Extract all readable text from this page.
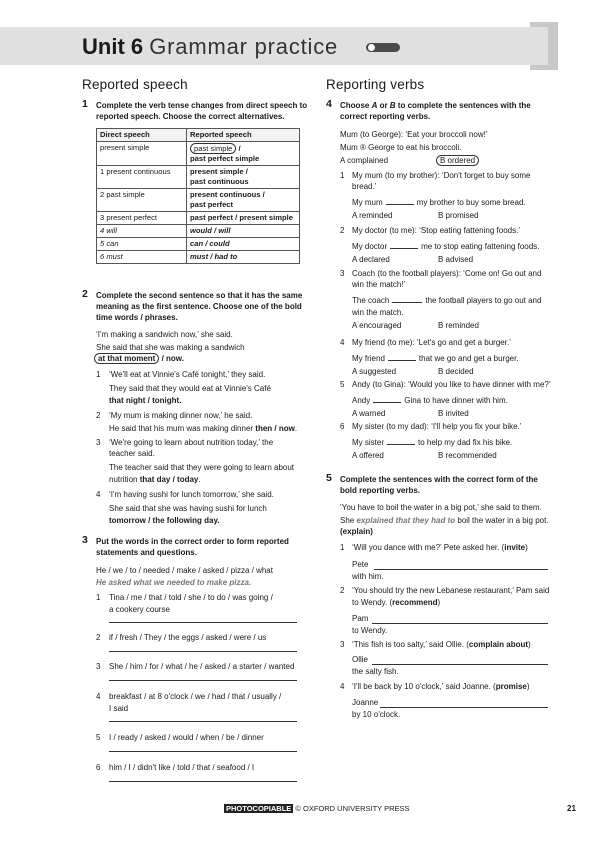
Unit 6 Grammar practice
Reported speech
1 Complete the verb tense changes from direct speech to
reported speech. Choose the correct alternatives.
Direct speech	Reported speech
present simple	past simple /
past perfect simple
1 present continuous	present simple /
past continuous
2 past simple	present continuous /
past perfect
3 present perfect	past perfect / present simple
4 will	would / will
5 can	can / could
6 must	must / had to
2 Complete the second sentence so that it has the same
meaning as the first sentence. Choose one of the bold
time words / phrases.
‘I'm making a sandwich now,’ she said.
She said that she was making a sandwich
at that moment / now.
1 ‘We'll eat at Vinnie's Café tonight,’ they said.
They said that they would eat at Vinnie's Café
that night / tonight.
2 ‘My mum is making dinner now,’ he said.
He said that his mum was making dinner then / now.
3 ‘We're going to learn about nutrition today,’ the
teacher said.
The teacher said that they were going to learn about
nutrition that day / today.
4 ‘I'm having sushi for lunch tomorrow,’ she said.
She said that she was having sushi for lunch
tomorrow / the following day.
3 Put the words in the correct order to form reported
statements and questions.
He / we / to / needed / make / asked / pizza / what
He asked what we needed to make pizza.
1 Tina / me / that / told / she / to do / was going /
a cookery course
2 if / fresh / They / the eggs / asked / were / us
3 She / him / for / what / he / asked / a starter / wanted
4 breakfast / at 8 o'clock / we / had / that / usually /
I said
5 I / ready / asked / would / when / be / dinner
6 him / I / didn't like / told / that / seafood / I
Reporting verbs
4 Choose A or B to complete the sentences with the
correct reporting verbs.
Mum (to George): ‘Eat your broccoli now!’
Mum ® George to eat his broccoli.
A complained	B ordered
1 My mum (to my brother): ‘Don't forget to buy some
bread.’
My mum	my brother to buy some bread.
A reminded	B promised
2 My doctor (to me): ‘Stop eating fattening foods.’
My doctor	me to stop eating fattening foods.
A declared	B advised
3 Coach (to the football players): ‘Come on! Go out and
win the match!’
The coach	the football players to go out and
win the match.
A encouraged	B reminded
4 My friend (to me): ‘Let's go and get a burger.’
My friend	that we go and get a burger.
A suggested	B decided
5 Andy (to Gina): ‘Would you like to have dinner with me?’
Andy	Gina to have dinner with him.
A warned	B invited
6 My sister (to my dad): ‘I'll help you fix your bike.’
My sister	to help my dad fix his bike.
A offered	B recommended
5 Complete the sentences with the correct form of the
bold reporting verbs.
‘You have to boil the water in a big pot,’ she said to them.
She explained that they had to boil the water in a big pot.
(explain)
1 ‘Will you dance with me?’ Pete asked her. (invite)
Pete
with him.
2 ‘You should try the new Lebanese restaurant,’ Pam said
to Wendy. (recommend)
Pam
to Wendy.
3 ‘This fish is too salty,’ said Ollie. (complain about)
Ollie
the salty fish.
4 ‘I'll be back by 10 o'clock,’ said Joanne. (promise)
Joanne
by 10 o'clock.
PHOTOCOPIABLE © OXFORD UNIVERSITY PRESS	21
